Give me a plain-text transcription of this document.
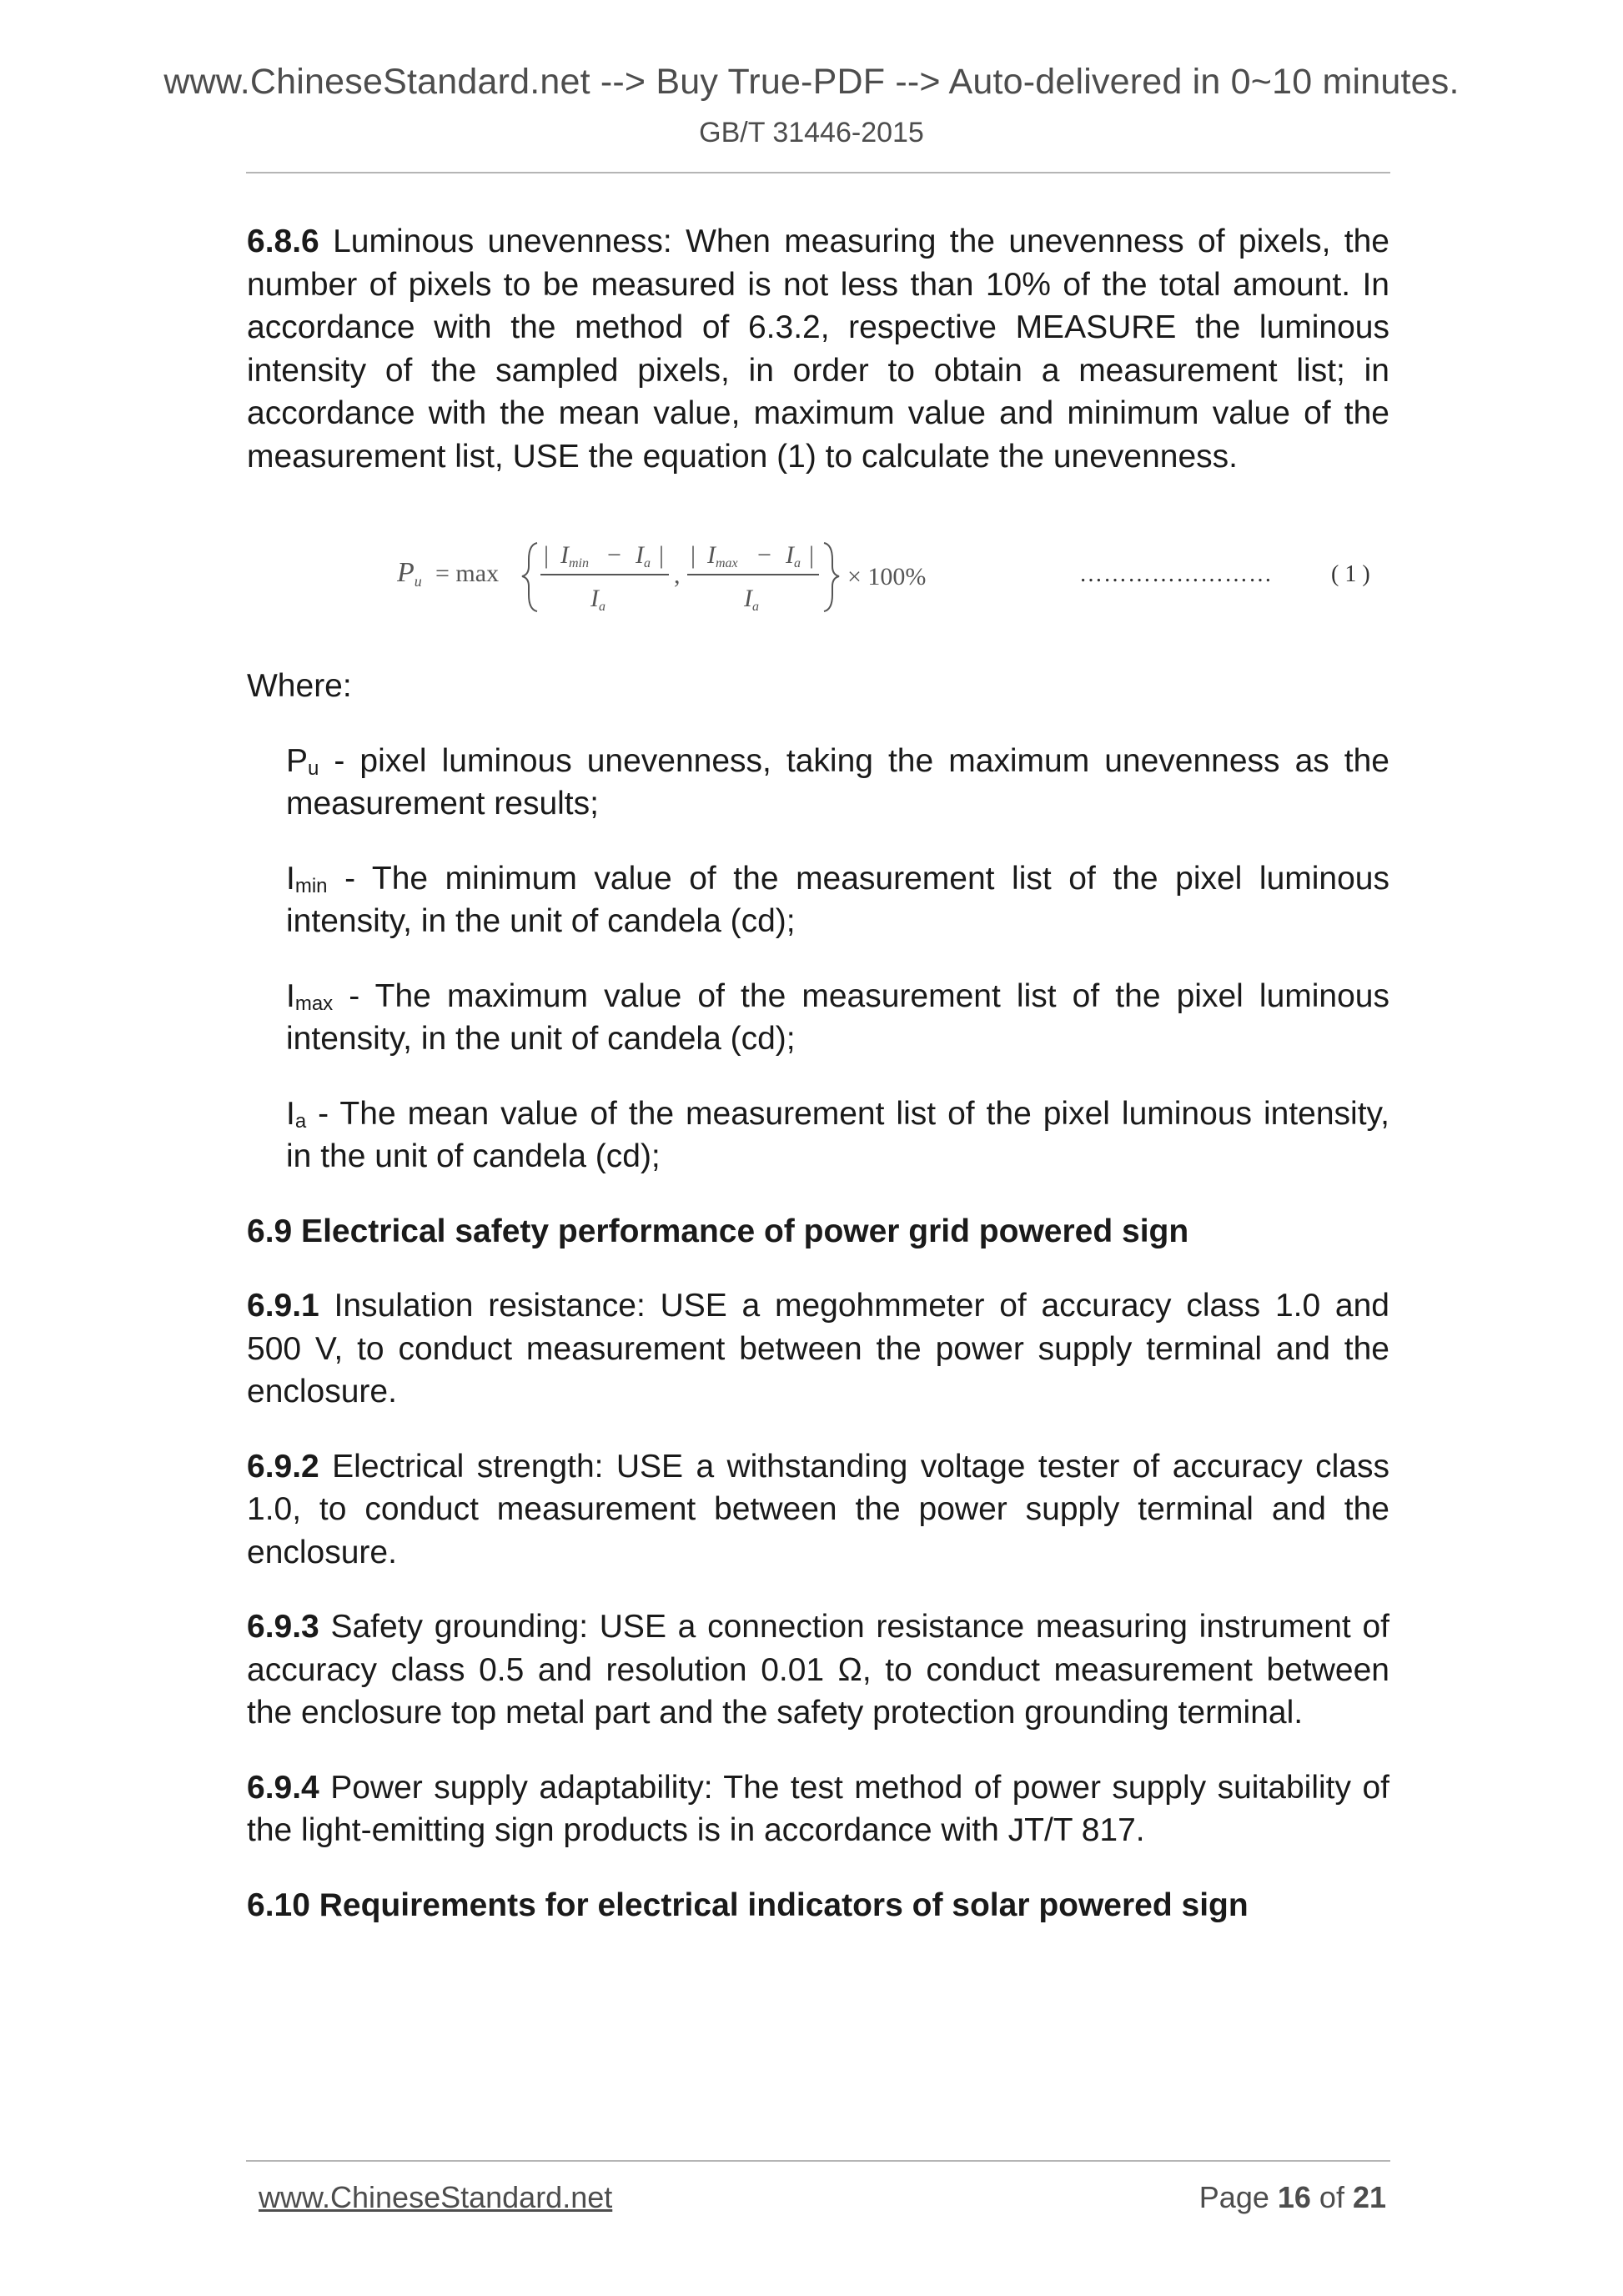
www.ChineseStandard.net --> Buy True-PDF --> Auto-delivered in 0~10 minutes.
GB/T 31446-2015

6.8.6 Luminous unevenness: When measuring the unevenness of pixels, the number of pixels to be measured is not less than 10% of the total amount. In accordance with the method of 6.3.2, respective MEASURE the luminous intensity of the sampled pixels, in order to obtain a measurement list; in accordance with the mean value, maximum value and minimum value of the measurement list, USE the equation (1) to calculate the unevenness.

Pu = max
| Imin − Ia |
Ia
,
| Imax − Ia |
Ia
× 100%	……………………	( 1 )

Where:

$P_u$ - pixel luminous unevenness, taking the maximum unevenness as the measurement results;

$I_{min}$ - The minimum value of the measurement list of the pixel luminous intensity, in the unit of candela (cd);

$I_{max}$ - The maximum value of the measurement list of the pixel luminous intensity, in the unit of candela (cd);

$I_a$ - The mean value of the measurement list of the pixel luminous intensity, in the unit of candela (cd);

6.9 Electrical safety performance of power grid powered sign

6.9.1 Insulation resistance: USE a megohmmeter of accuracy class 1.0 and 500 V, to conduct measurement between the power supply terminal and the enclosure.

6.9.2 Electrical strength: USE a withstanding voltage tester of accuracy class 1.0, to conduct measurement between the power supply terminal and the enclosure.

6.9.3 Safety grounding: USE a connection resistance measuring instrument of accuracy class 0.5 and resolution 0.01 Ω, to conduct measurement between the enclosure top metal part and the safety protection grounding terminal.

6.9.4 Power supply adaptability: The test method of power supply suitability of the light-emitting sign products is in accordance with JT/T 817.

6.10 Requirements for electrical indicators of solar powered sign

www.ChineseStandard.net	Page 16 of 21
